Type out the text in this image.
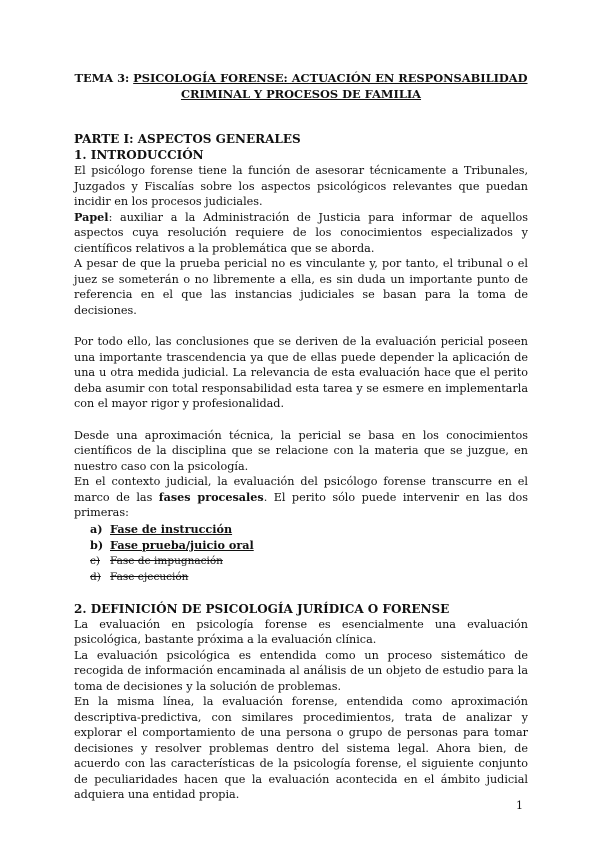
TEMA 3: PSICOLOGÍA FORENSE: ACTUACIÓN EN RESPONSABILIDAD
CRIMINAL Y PROCESOS DE FAMILIA

PARTE I: ASPECTOS GENERALES

1. INTRODUCCIÓN

El psicólogo forense tiene la función de asesorar técnicamente a Tribunales, Juzgados y Fiscalías sobre los aspectos psicológicos relevantes que puedan incidir en los procesos judiciales.

Papel: auxiliar a la Administración de Justicia para informar de aquellos aspectos cuya resolución requiere de los conocimientos especializados y científicos relativos a la problemática que se aborda.

A pesar de que la prueba pericial no es vinculante y, por tanto, el tribunal o el juez se someterán o no libremente a ella, es sin duda un importante punto de referencia en el que las instancias judiciales se basan para la toma de decisiones.

Por todo ello, las conclusiones que se deriven de la evaluación pericial poseen una importante trascendencia ya que de ellas puede depender la aplicación de una u otra medida judicial. La relevancia de esta evaluación hace que el perito deba asumir con total responsabilidad esta tarea y se esmere en implementarla con el mayor rigor y profesionalidad.

Desde una aproximación técnica, la pericial se basa en los conocimientos científicos de la disciplina que se relacione con la materia que se juzgue, en nuestro caso con la psicología.

En el contexto judicial, la evaluación del psicólogo forense transcurre en el marco de las fases procesales. El perito sólo puede intervenir en las dos primeras:

a) Fase de instrucción
b) Fase prueba/juicio oral
c) Fase de impugnación
d) Fase ejecución

2. DEFINICIÓN DE PSICOLOGÍA JURÍDICA O FORENSE

La evaluación en psicología forense es esencialmente una evaluación psicológica, bastante próxima a la evaluación clínica.

La evaluación psicológica es entendida como un proceso sistemático de recogida de información encaminada al análisis de un objeto de estudio para la toma de decisiones y la solución de problemas.

En la misma línea, la evaluación forense, entendida como aproximación descriptiva-predictiva, con similares procedimientos, trata de analizar y explorar el comportamiento de una persona o grupo de personas para tomar decisiones y resolver problemas dentro del sistema legal. Ahora bien, de acuerdo con las características de la psicología forense, el siguiente conjunto de peculiaridades hacen que la evaluación acontecida en el ámbito judicial adquiera una entidad propia.

1
